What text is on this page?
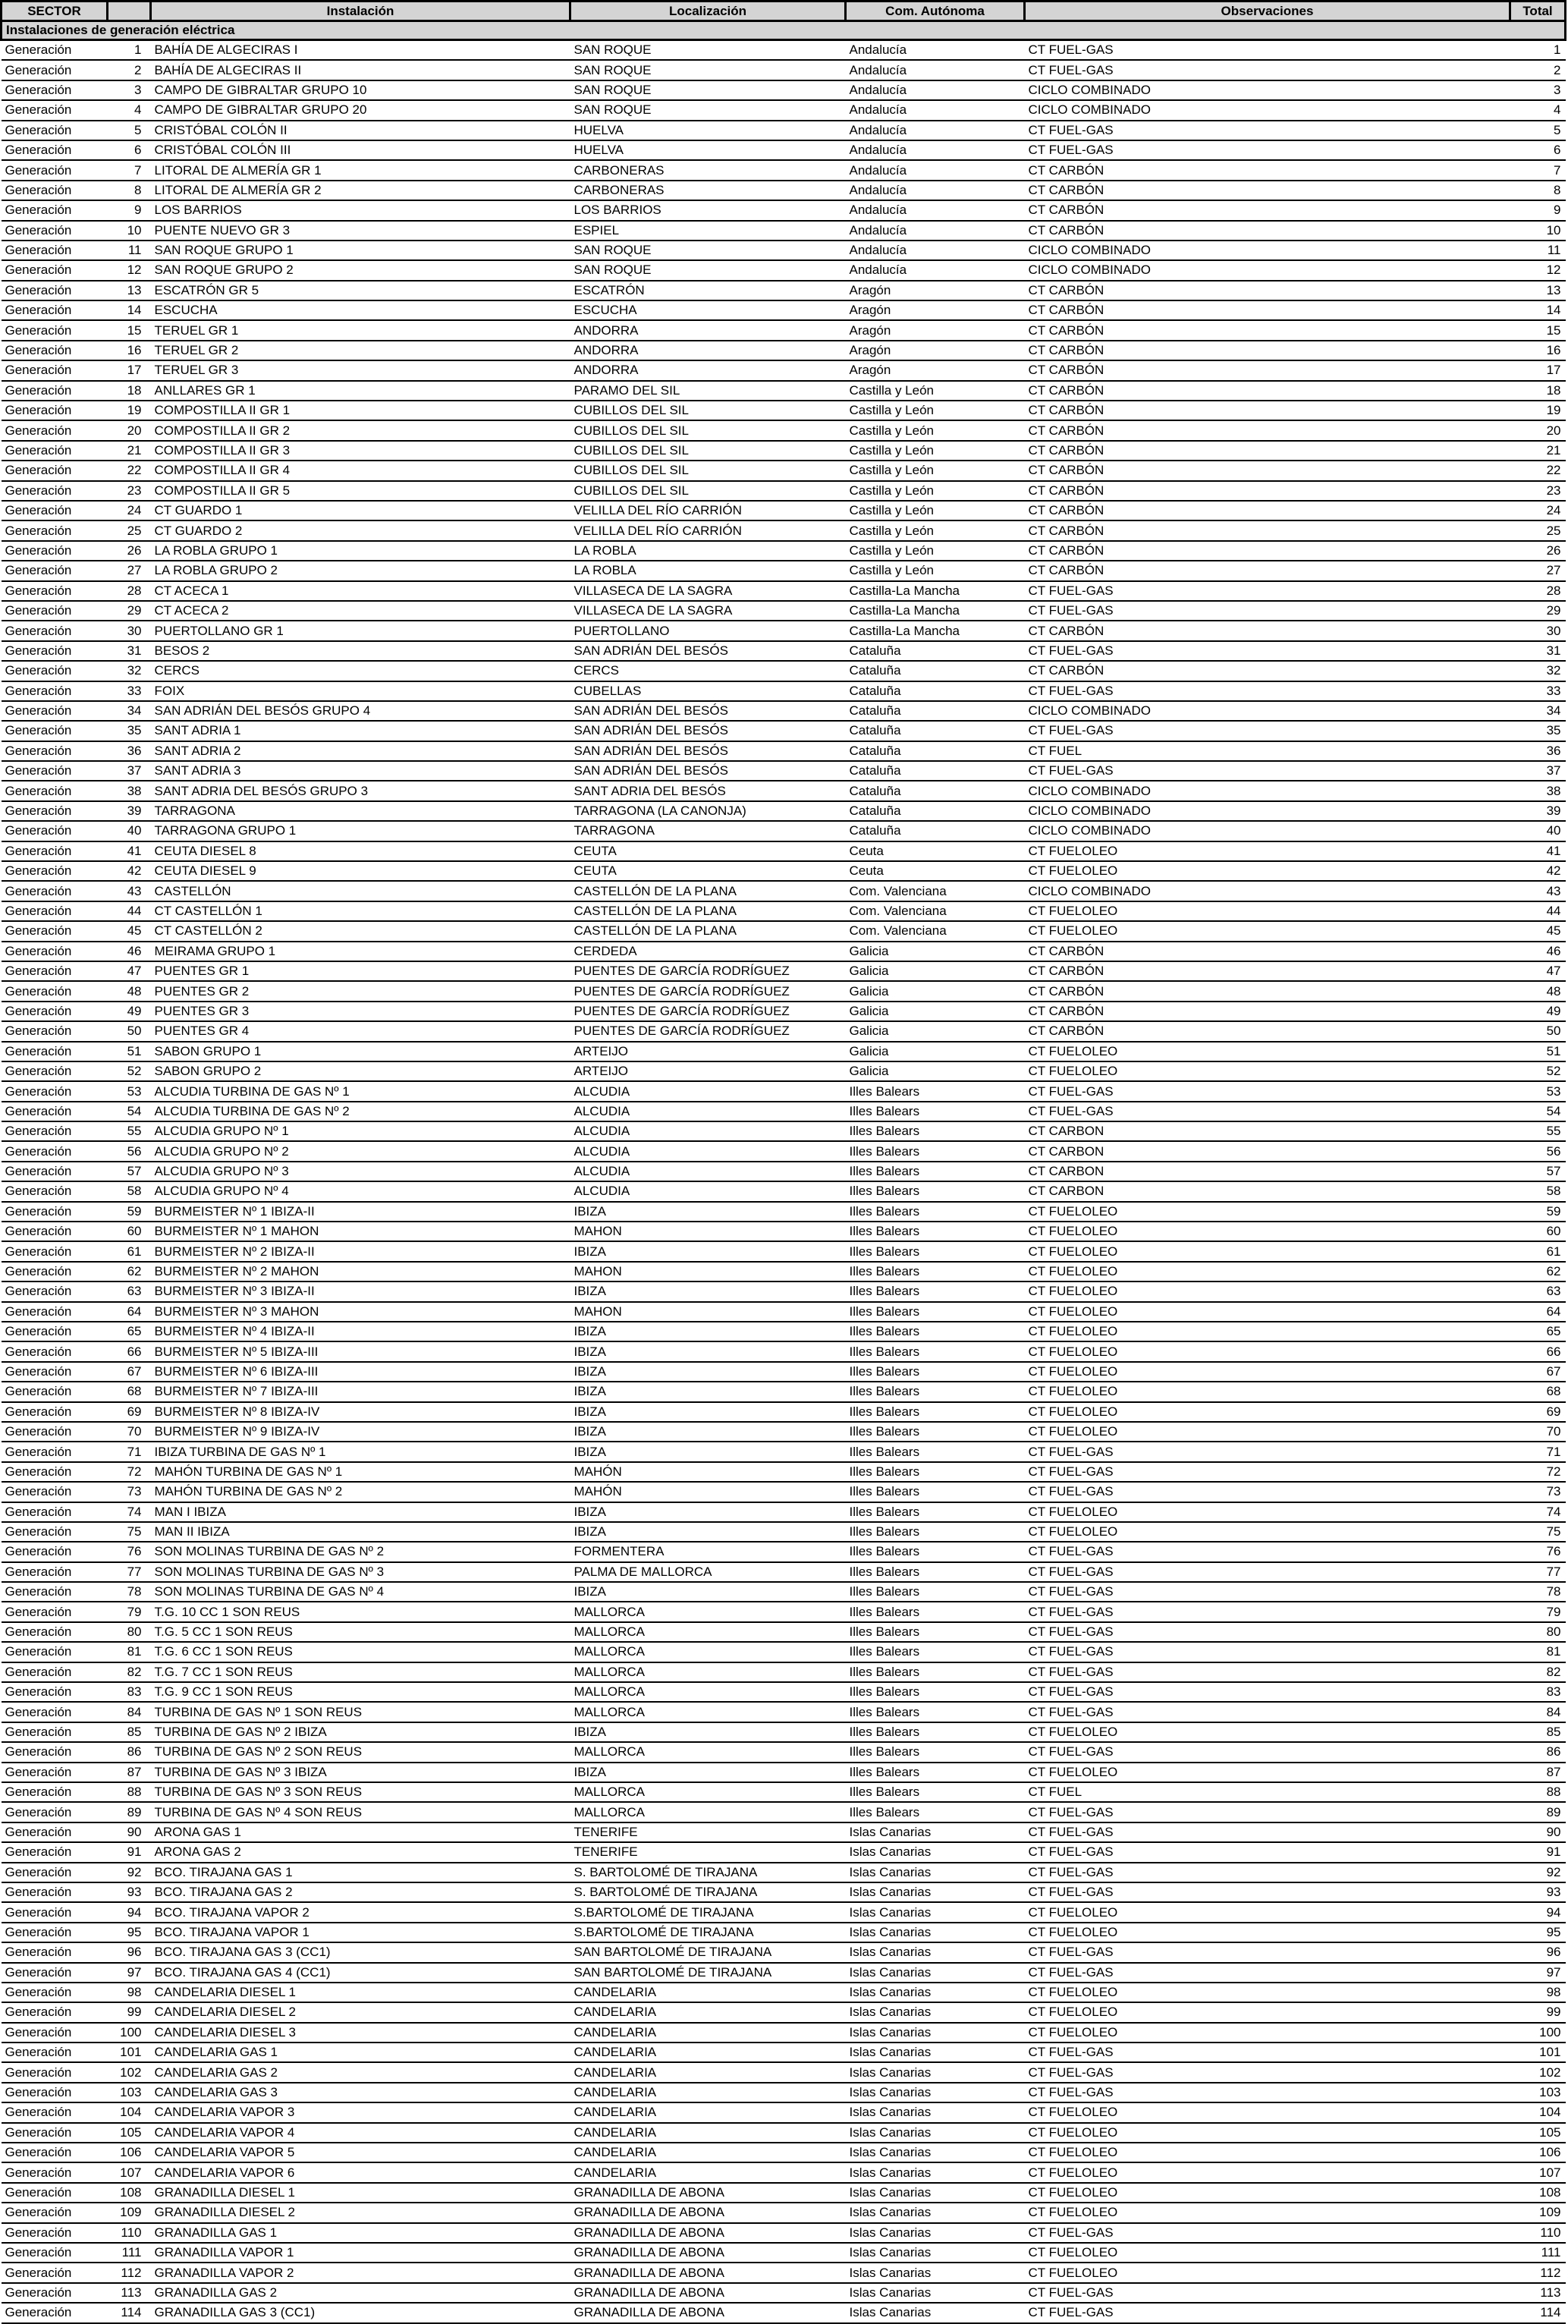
SECTOR		Instalación	Localización	Com. Autónoma	Observaciones	Total
Instalaciones de generación eléctrica						
Generación	1	BAHÍA DE ALGECIRAS I	SAN ROQUE	Andalucía	CT FUEL-GAS	1
Generación	2	BAHÍA DE ALGECIRAS II	SAN ROQUE	Andalucía	CT FUEL-GAS	2
Generación	3	CAMPO DE GIBRALTAR GRUPO 10	SAN ROQUE	Andalucía	CICLO COMBINADO	3
Generación	4	CAMPO DE GIBRALTAR GRUPO 20	SAN ROQUE	Andalucía	CICLO COMBINADO	4
Generación	5	CRISTÓBAL COLÓN II	HUELVA	Andalucía	CT FUEL-GAS	5
Generación	6	CRISTÓBAL COLÓN III	HUELVA	Andalucía	CT FUEL-GAS	6
Generación	7	LITORAL DE ALMERÍA GR 1	CARBONERAS	Andalucía	CT CARBÓN	7
Generación	8	LITORAL DE ALMERÍA GR 2	CARBONERAS	Andalucía	CT CARBÓN	8
Generación	9	LOS BARRIOS	LOS BARRIOS	Andalucía	CT CARBÓN	9
Generación	10	PUENTE NUEVO GR 3	ESPIEL	Andalucía	CT CARBÓN	10
Generación	11	SAN ROQUE GRUPO 1	SAN ROQUE	Andalucía	CICLO COMBINADO	11
Generación	12	SAN ROQUE GRUPO 2	SAN ROQUE	Andalucía	CICLO COMBINADO	12
Generación	13	ESCATRÓN GR 5	ESCATRÓN	Aragón	CT CARBÓN	13
Generación	14	ESCUCHA	ESCUCHA	Aragón	CT CARBÓN	14
Generación	15	TERUEL GR 1	ANDORRA	Aragón	CT CARBÓN	15
Generación	16	TERUEL GR 2	ANDORRA	Aragón	CT CARBÓN	16
Generación	17	TERUEL GR 3	ANDORRA	Aragón	CT CARBÓN	17
Generación	18	ANLLARES GR 1	PARAMO DEL SIL	Castilla y León	CT CARBÓN	18
Generación	19	COMPOSTILLA II GR 1	CUBILLOS DEL SIL	Castilla y León	CT CARBÓN	19
Generación	20	COMPOSTILLA II GR 2	CUBILLOS DEL SIL	Castilla y León	CT CARBÓN	20
Generación	21	COMPOSTILLA II GR 3	CUBILLOS DEL SIL	Castilla y León	CT CARBÓN	21
Generación	22	COMPOSTILLA II GR 4	CUBILLOS DEL SIL	Castilla y León	CT CARBÓN	22
Generación	23	COMPOSTILLA II GR 5	CUBILLOS DEL SIL	Castilla y León	CT CARBÓN	23
Generación	24	CT GUARDO 1	VELILLA DEL RÍO CARRIÓN	Castilla y León	CT CARBÓN	24
Generación	25	CT GUARDO 2	VELILLA DEL RÍO CARRIÓN	Castilla y León	CT CARBÓN	25
Generación	26	LA ROBLA GRUPO 1	LA ROBLA	Castilla y León	CT CARBÓN	26
Generación	27	LA ROBLA GRUPO 2	LA ROBLA	Castilla y León	CT CARBÓN	27
Generación	28	CT ACECA 1	VILLASECA DE LA SAGRA	Castilla-La Mancha	CT FUEL-GAS	28
Generación	29	CT ACECA 2	VILLASECA DE LA SAGRA	Castilla-La Mancha	CT FUEL-GAS	29
Generación	30	PUERTOLLANO GR 1	PUERTOLLANO	Castilla-La Mancha	CT CARBÓN	30
Generación	31	BESOS 2	SAN ADRIÁN DEL BESÓS	Cataluña	CT FUEL-GAS	31
Generación	32	CERCS	CERCS	Cataluña	CT CARBÓN	32
Generación	33	FOIX	CUBELLAS	Cataluña	CT FUEL-GAS	33
Generación	34	SAN ADRIÁN DEL BESÓS GRUPO 4	SAN ADRIÁN DEL BESÓS	Cataluña	CICLO COMBINADO	34
Generación	35	SANT ADRIA 1	SAN ADRIÁN DEL BESÓS	Cataluña	CT FUEL-GAS	35
Generación	36	SANT ADRIA 2	SAN ADRIÁN DEL BESÓS	Cataluña	CT FUEL	36
Generación	37	SANT ADRIA 3	SAN ADRIÁN DEL BESÓS	Cataluña	CT FUEL-GAS	37
Generación	38	SANT ADRIA DEL BESÓS GRUPO 3	SANT ADRIA DEL BESÓS	Cataluña	CICLO COMBINADO	38
Generación	39	TARRAGONA	TARRAGONA (LA CANONJA)	Cataluña	CICLO COMBINADO	39
Generación	40	TARRAGONA GRUPO 1	TARRAGONA	Cataluña	CICLO COMBINADO	40
Generación	41	CEUTA DIESEL 8	CEUTA	Ceuta	CT FUELOLEO	41
Generación	42	CEUTA DIESEL 9	CEUTA	Ceuta	CT FUELOLEO	42
Generación	43	CASTELLÓN	CASTELLÓN DE LA PLANA	Com. Valenciana	CICLO COMBINADO	43
Generación	44	CT CASTELLÓN 1	CASTELLÓN DE LA PLANA	Com. Valenciana	CT FUELOLEO	44
Generación	45	CT CASTELLÓN 2	CASTELLÓN DE LA PLANA	Com. Valenciana	CT FUELOLEO	45
Generación	46	MEIRAMA GRUPO 1	CERDEDA	Galicia	CT CARBÓN	46
Generación	47	PUENTES GR 1	PUENTES DE GARCÍA RODRÍGUEZ	Galicia	CT CARBÓN	47
Generación	48	PUENTES GR 2	PUENTES DE GARCÍA RODRÍGUEZ	Galicia	CT CARBÓN	48
Generación	49	PUENTES GR 3	PUENTES DE GARCÍA RODRÍGUEZ	Galicia	CT CARBÓN	49
Generación	50	PUENTES GR 4	PUENTES DE GARCÍA RODRÍGUEZ	Galicia	CT CARBÓN	50
Generación	51	SABON GRUPO 1	ARTEIJO	Galicia	CT FUELOLEO	51
Generación	52	SABON GRUPO 2	ARTEIJO	Galicia	CT FUELOLEO	52
Generación	53	ALCUDIA TURBINA DE GAS Nº 1	ALCUDIA	Illes Balears	CT FUEL-GAS	53
Generación	54	ALCUDIA TURBINA DE GAS Nº 2	ALCUDIA	Illes Balears	CT FUEL-GAS	54
Generación	55	ALCUDIA GRUPO Nº 1	ALCUDIA	Illes Balears	CT CARBON	55
Generación	56	ALCUDIA GRUPO Nº 2	ALCUDIA	Illes Balears	CT CARBON	56
Generación	57	ALCUDIA GRUPO Nº 3	ALCUDIA	Illes Balears	CT CARBON	57
Generación	58	ALCUDIA GRUPO Nº 4	ALCUDIA	Illes Balears	CT CARBON	58
Generación	59	BURMEISTER Nº 1 IBIZA-II	IBIZA	Illes Balears	CT FUELOLEO	59
Generación	60	BURMEISTER Nº 1 MAHON	MAHON	Illes Balears	CT FUELOLEO	60
Generación	61	BURMEISTER Nº 2 IBIZA-II	IBIZA	Illes Balears	CT FUELOLEO	61
Generación	62	BURMEISTER Nº 2 MAHON	MAHON	Illes Balears	CT FUELOLEO	62
Generación	63	BURMEISTER Nº 3 IBIZA-II	IBIZA	Illes Balears	CT FUELOLEO	63
Generación	64	BURMEISTER Nº 3 MAHON	MAHON	Illes Balears	CT FUELOLEO	64
Generación	65	BURMEISTER Nº 4 IBIZA-II	IBIZA	Illes Balears	CT FUELOLEO	65
Generación	66	BURMEISTER Nº 5 IBIZA-III	IBIZA	Illes Balears	CT FUELOLEO	66
Generación	67	BURMEISTER Nº 6 IBIZA-III	IBIZA	Illes Balears	CT FUELOLEO	67
Generación	68	BURMEISTER Nº 7 IBIZA-III	IBIZA	Illes Balears	CT FUELOLEO	68
Generación	69	BURMEISTER Nº 8 IBIZA-IV	IBIZA	Illes Balears	CT FUELOLEO	69
Generación	70	BURMEISTER Nº 9 IBIZA-IV	IBIZA	Illes Balears	CT FUELOLEO	70
Generación	71	IBIZA TURBINA DE GAS Nº 1	IBIZA	Illes Balears	CT FUEL-GAS	71
Generación	72	MAHÓN TURBINA DE GAS Nº 1	MAHÓN	Illes Balears	CT FUEL-GAS	72
Generación	73	MAHÓN TURBINA DE GAS Nº 2	MAHÓN	Illes Balears	CT FUEL-GAS	73
Generación	74	MAN I IBIZA	IBIZA	Illes Balears	CT FUELOLEO	74
Generación	75	MAN II IBIZA	IBIZA	Illes Balears	CT FUELOLEO	75
Generación	76	SON MOLINAS TURBINA DE GAS Nº 2	FORMENTERA	Illes Balears	CT FUEL-GAS	76
Generación	77	SON MOLINAS TURBINA DE GAS Nº 3	PALMA DE MALLORCA	Illes Balears	CT FUEL-GAS	77
Generación	78	SON MOLINAS TURBINA DE GAS Nº 4	IBIZA	Illes Balears	CT FUEL-GAS	78
Generación	79	T.G. 10 CC 1 SON REUS	MALLORCA	Illes Balears	CT FUEL-GAS	79
Generación	80	T.G. 5 CC 1 SON REUS	MALLORCA	Illes Balears	CT FUEL-GAS	80
Generación	81	T.G. 6 CC 1 SON REUS	MALLORCA	Illes Balears	CT FUEL-GAS	81
Generación	82	T.G. 7 CC 1 SON REUS	MALLORCA	Illes Balears	CT FUEL-GAS	82
Generación	83	T.G. 9 CC 1 SON REUS	MALLORCA	Illes Balears	CT FUEL-GAS	83
Generación	84	TURBINA DE GAS Nº 1 SON REUS	MALLORCA	Illes Balears	CT FUEL-GAS	84
Generación	85	TURBINA DE GAS Nº 2 IBIZA	IBIZA	Illes Balears	CT FUELOLEO	85
Generación	86	TURBINA DE GAS Nº 2 SON REUS	MALLORCA	Illes Balears	CT FUEL-GAS	86
Generación	87	TURBINA DE GAS Nº 3 IBIZA	IBIZA	Illes Balears	CT FUELOLEO	87
Generación	88	TURBINA DE GAS Nº 3 SON REUS	MALLORCA	Illes Balears	CT FUEL	88
Generación	89	TURBINA DE GAS Nº 4 SON REUS	MALLORCA	Illes Balears	CT FUEL-GAS	89
Generación	90	ARONA GAS 1	TENERIFE	Islas Canarias	CT FUEL-GAS	90
Generación	91	ARONA GAS 2	TENERIFE	Islas Canarias	CT FUEL-GAS	91
Generación	92	BCO. TIRAJANA GAS 1	S. BARTOLOMÉ DE TIRAJANA	Islas Canarias	CT FUEL-GAS	92
Generación	93	BCO. TIRAJANA GAS 2	S. BARTOLOMÉ DE TIRAJANA	Islas Canarias	CT FUEL-GAS	93
Generación	94	BCO. TIRAJANA VAPOR 2	S.BARTOLOMÉ DE TIRAJANA	Islas Canarias	CT FUELOLEO	94
Generación	95	BCO. TIRAJANA VAPOR 1	S.BARTOLOMÉ DE TIRAJANA	Islas Canarias	CT FUELOLEO	95
Generación	96	BCO. TIRAJANA GAS 3 (CC1)	SAN BARTOLOMÉ DE TIRAJANA	Islas Canarias	CT FUEL-GAS	96
Generación	97	BCO. TIRAJANA GAS 4 (CC1)	SAN BARTOLOMÉ DE TIRAJANA	Islas Canarias	CT FUEL-GAS	97
Generación	98	CANDELARIA DIESEL 1	CANDELARIA	Islas Canarias	CT FUELOLEO	98
Generación	99	CANDELARIA DIESEL 2	CANDELARIA	Islas Canarias	CT FUELOLEO	99
Generación	100	CANDELARIA DIESEL 3	CANDELARIA	Islas Canarias	CT FUELOLEO	100
Generación	101	CANDELARIA GAS 1	CANDELARIA	Islas Canarias	CT FUEL-GAS	101
Generación	102	CANDELARIA GAS 2	CANDELARIA	Islas Canarias	CT FUEL-GAS	102
Generación	103	CANDELARIA GAS 3	CANDELARIA	Islas Canarias	CT FUEL-GAS	103
Generación	104	CANDELARIA VAPOR 3	CANDELARIA	Islas Canarias	CT FUELOLEO	104
Generación	105	CANDELARIA VAPOR 4	CANDELARIA	Islas Canarias	CT FUELOLEO	105
Generación	106	CANDELARIA VAPOR 5	CANDELARIA	Islas Canarias	CT FUELOLEO	106
Generación	107	CANDELARIA VAPOR 6	CANDELARIA	Islas Canarias	CT FUELOLEO	107
Generación	108	GRANADILLA DIESEL 1	GRANADILLA DE ABONA	Islas Canarias	CT FUELOLEO	108
Generación	109	GRANADILLA DIESEL 2	GRANADILLA DE ABONA	Islas Canarias	CT FUELOLEO	109
Generación	110	GRANADILLA GAS 1	GRANADILLA DE ABONA	Islas Canarias	CT FUEL-GAS	110
Generación	111	GRANADILLA VAPOR 1	GRANADILLA DE ABONA	Islas Canarias	CT FUELOLEO	111
Generación	112	GRANADILLA VAPOR 2	GRANADILLA DE ABONA	Islas Canarias	CT FUELOLEO	112
Generación	113	GRANADILLA GAS 2	GRANADILLA DE ABONA	Islas Canarias	CT FUEL-GAS	113
Generación	114	GRANADILLA GAS 3 (CC1)	GRANADILLA DE ABONA	Islas Canarias	CT FUEL-GAS	114
